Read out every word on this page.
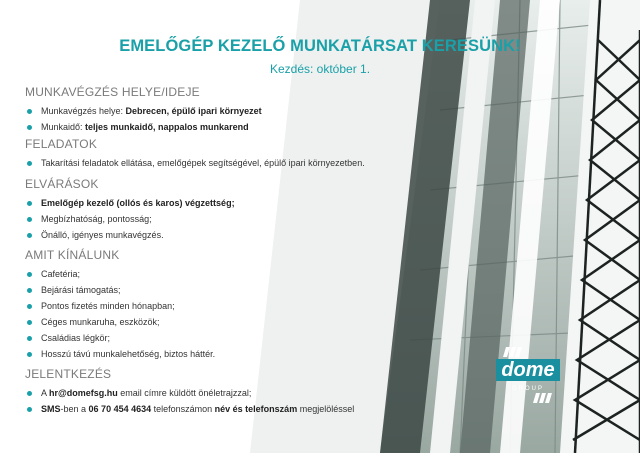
EMELŐGÉP KEZELŐ MUNKATÁRSAT KERESÜNK!
Kezdés: október 1.
MUNKAVÉGZÉS HELYE/IDEJE
Munkavégzés helye: Debrecen, épülő ipari környezet
Munkaidő: teljes munkaidő, nappalos munkarend
FELADATOK
Takarítási feladatok ellátása, emelőgépek segítségével, épülő ipari környezetben.
ELVÁRÁSOK
Emelőgép kezelő (ollós és karos) végzettség;
Megbízhatóság, pontosság;
Önálló, igényes munkavégzés.
AMIT KÍNÁLUNK
Cafetéria;
Bejárási támogatás;
Pontos fizetés minden hónapban;
Céges munkaruha, eszközök;
Családias légkör;
Hosszú távú munkalehetőség, biztos háttér.
JELENTKEZÉS
A hr@domefsg.hu email címre küldött önéletrajzzal;
SMS-ben a 06 70 454 4634 telefonszámon név és telefonszám megjelöléssel
dome
GROUP
